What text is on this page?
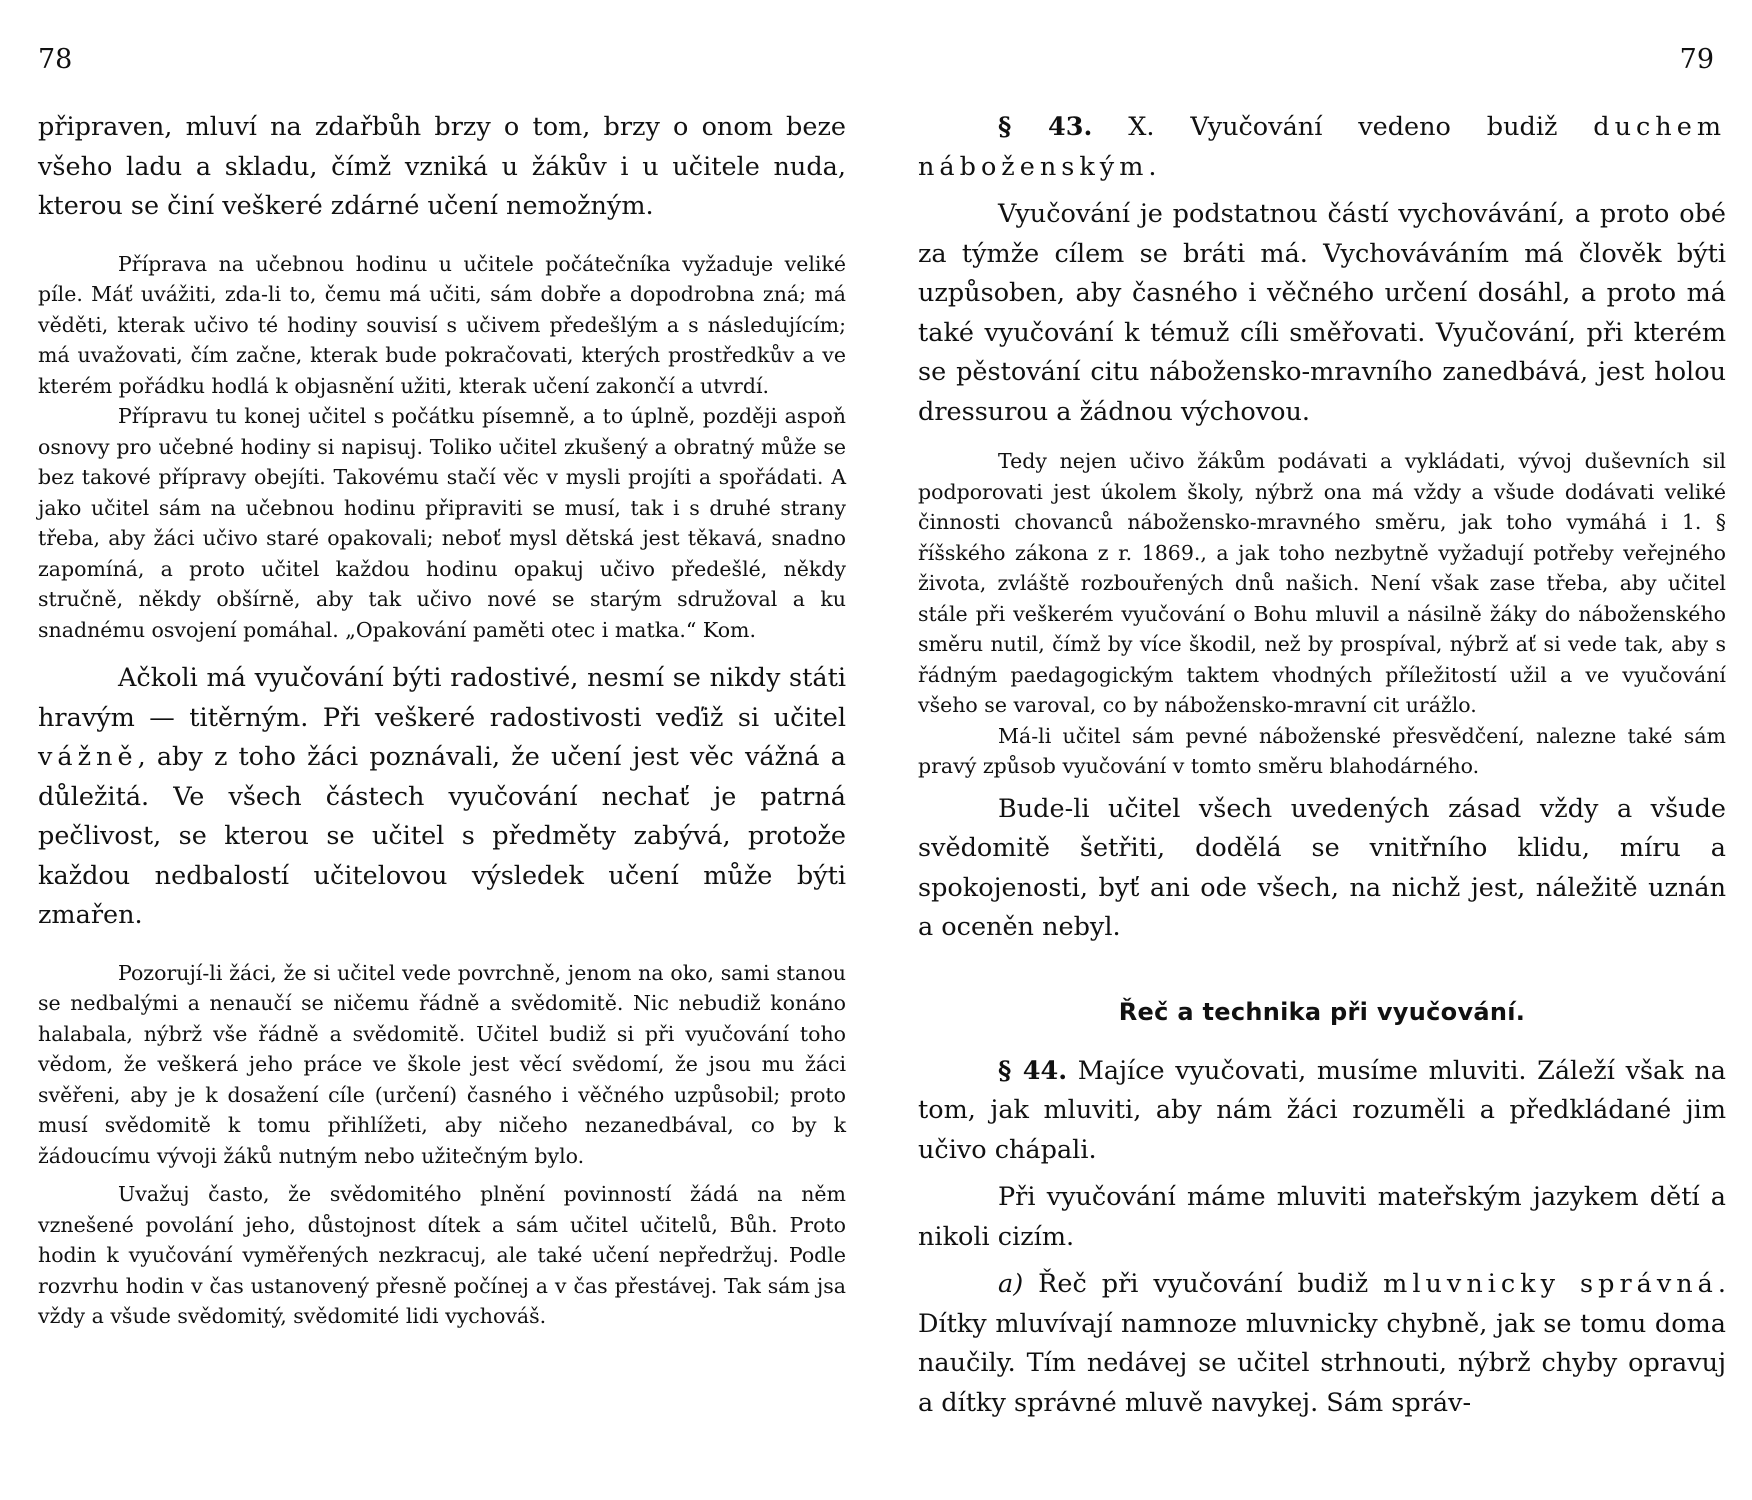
78	79

připraven, mluví na zdařbůh brzy o tom, brzy o onom beze všeho ladu a skladu, čímž vzniká u žákův i u učitele nuda, kterou se činí veškeré zdárné učení nemožným.

Příprava na učebnou hodinu u učitele počátečníka vyžaduje veliké píle. Máť uvážiti, zda-li to, čemu má učiti, sám dobře a dopodrobna zná; má věděti, kterak učivo té hodiny souvisí s učivem předešlým a s následujícím; má uvažovati, čím začne, kterak bude pokračovati, kterých prostředkův a ve kterém pořádku hodlá k objasnění užiti, kterak učení zakončí a utvrdí.

Přípravu tu konej učitel s počátku písemně, a to úplně, později aspoň osnovy pro učebné hodiny si napisuj. Toliko učitel zkušený a obratný může se bez takové přípravy obejíti. Takovému stačí věc v mysli projíti a spořádati. A jako učitel sám na učebnou hodinu připraviti se musí, tak i s druhé strany třeba, aby žáci učivo staré opakovali; neboť mysl dětská jest těkavá, snadno zapomíná, a proto učitel každou hodinu opakuj učivo předešlé, někdy stručně, někdy obšírně, aby tak učivo nové se starým sdružoval a ku snadnému osvojení pomáhal. „Opakování paměti otec i matka.“ Kom.

Ačkoli má vyučování býti radostivé, nesmí se nikdy státi hravým — titěrným. Při veškeré radostivosti veďiž si učitel vážně, aby z toho žáci poznávali, že učení jest věc vážná a důležitá. Ve všech částech vyučování nechať je patrná pečlivost, se kterou se učitel s předměty zabývá, protože každou nedbalostí učitelovou výsledek učení může býti zmařen.

Pozorují-li žáci, že si učitel vede povrchně, jenom na oko, sami stanou se nedbalými a nenaučí se ničemu řádně a svědomitě. Nic nebudiž konáno halabala, nýbrž vše řádně a svědomitě. Učitel budiž si při vyučování toho vědom, že veškerá jeho práce ve škole jest věcí svědomí, že jsou mu žáci svěřeni, aby je k dosažení cíle (určení) časného i věčného uzpůsobil; proto musí svědomitě k tomu přihlížeti, aby ničeho nezanedbával, co by k žádoucímu vývoji žáků nutným nebo užitečným bylo.

Uvažuj často, že svědomitého plnění povinností žádá na něm vznešené povolání jeho, důstojnost dítek a sám učitel učitelů, Bůh. Proto hodin k vyučování vyměřených nezkracuj, ale také učení nepředržuj. Podle rozvrhu hodin v čas ustanovený přesně počínej a v čas přestávej. Tak sám jsa vždy a všude svědomitý, svědomité lidi vychováš.

§ 43. X. Vyučování vedeno budiž duchem náboženským.

Vyučování je podstatnou částí vychovávání, a proto obé za týmže cílem se bráti má. Vychováváním má člověk býti uzpůsoben, aby časného i věčného určení dosáhl, a proto má také vyučování k témuž cíli směřovati. Vyučování, při kterém se pěstování citu nábožensko-mravního zanedbává, jest holou dressurou a žádnou výchovou.

Tedy nejen učivo žákům podávati a vykládati, vývoj duševních sil podporovati jest úkolem školy, nýbrž ona má vždy a všude dodávati veliké činnosti chovanců nábožensko-mravného směru, jak toho vymáhá i 1. § říšského zákona z r. 1869., a jak toho nezbytně vyžadují potřeby veřejného života, zvláště rozbouřených dnů našich. Není však zase třeba, aby učitel stále při veškerém vyučování o Bohu mluvil a násilně žáky do náboženského směru nutil, čímž by více škodil, než by prospíval, nýbrž ať si vede tak, aby s řádným paedagogickým taktem vhodných příležitostí užil a ve vyučování všeho se varoval, co by nábožensko-mravní cit urážlo.

Má-li učitel sám pevné náboženské přesvědčení, nalezne také sám pravý způsob vyučování v tomto směru blahodárného.

Bude-li učitel všech uvedených zásad vždy a všude svědomitě šetřiti, dodělá se vnitřního klidu, míru a spokojenosti, byť ani ode všech, na nichž jest, náležitě uznán a oceněn nebyl.

Řeč a technika při vyučování.

§ 44. Majíce vyučovati, musíme mluviti. Záleží však na tom, jak mluviti, aby nám žáci rozuměli a předkládané jim učivo chápali.

Při vyučování máme mluviti mateřským jazykem dětí a nikoli cizím.

a) Řeč při vyučování budiž mluvnicky správná. Dítky mluvívají namnoze mluvnicky chybně, jak se tomu doma naučily. Tím nedávej se učitel strhnouti, nýbrž chyby opravuj a dítky správné mluvě navykej. Sám správ-
